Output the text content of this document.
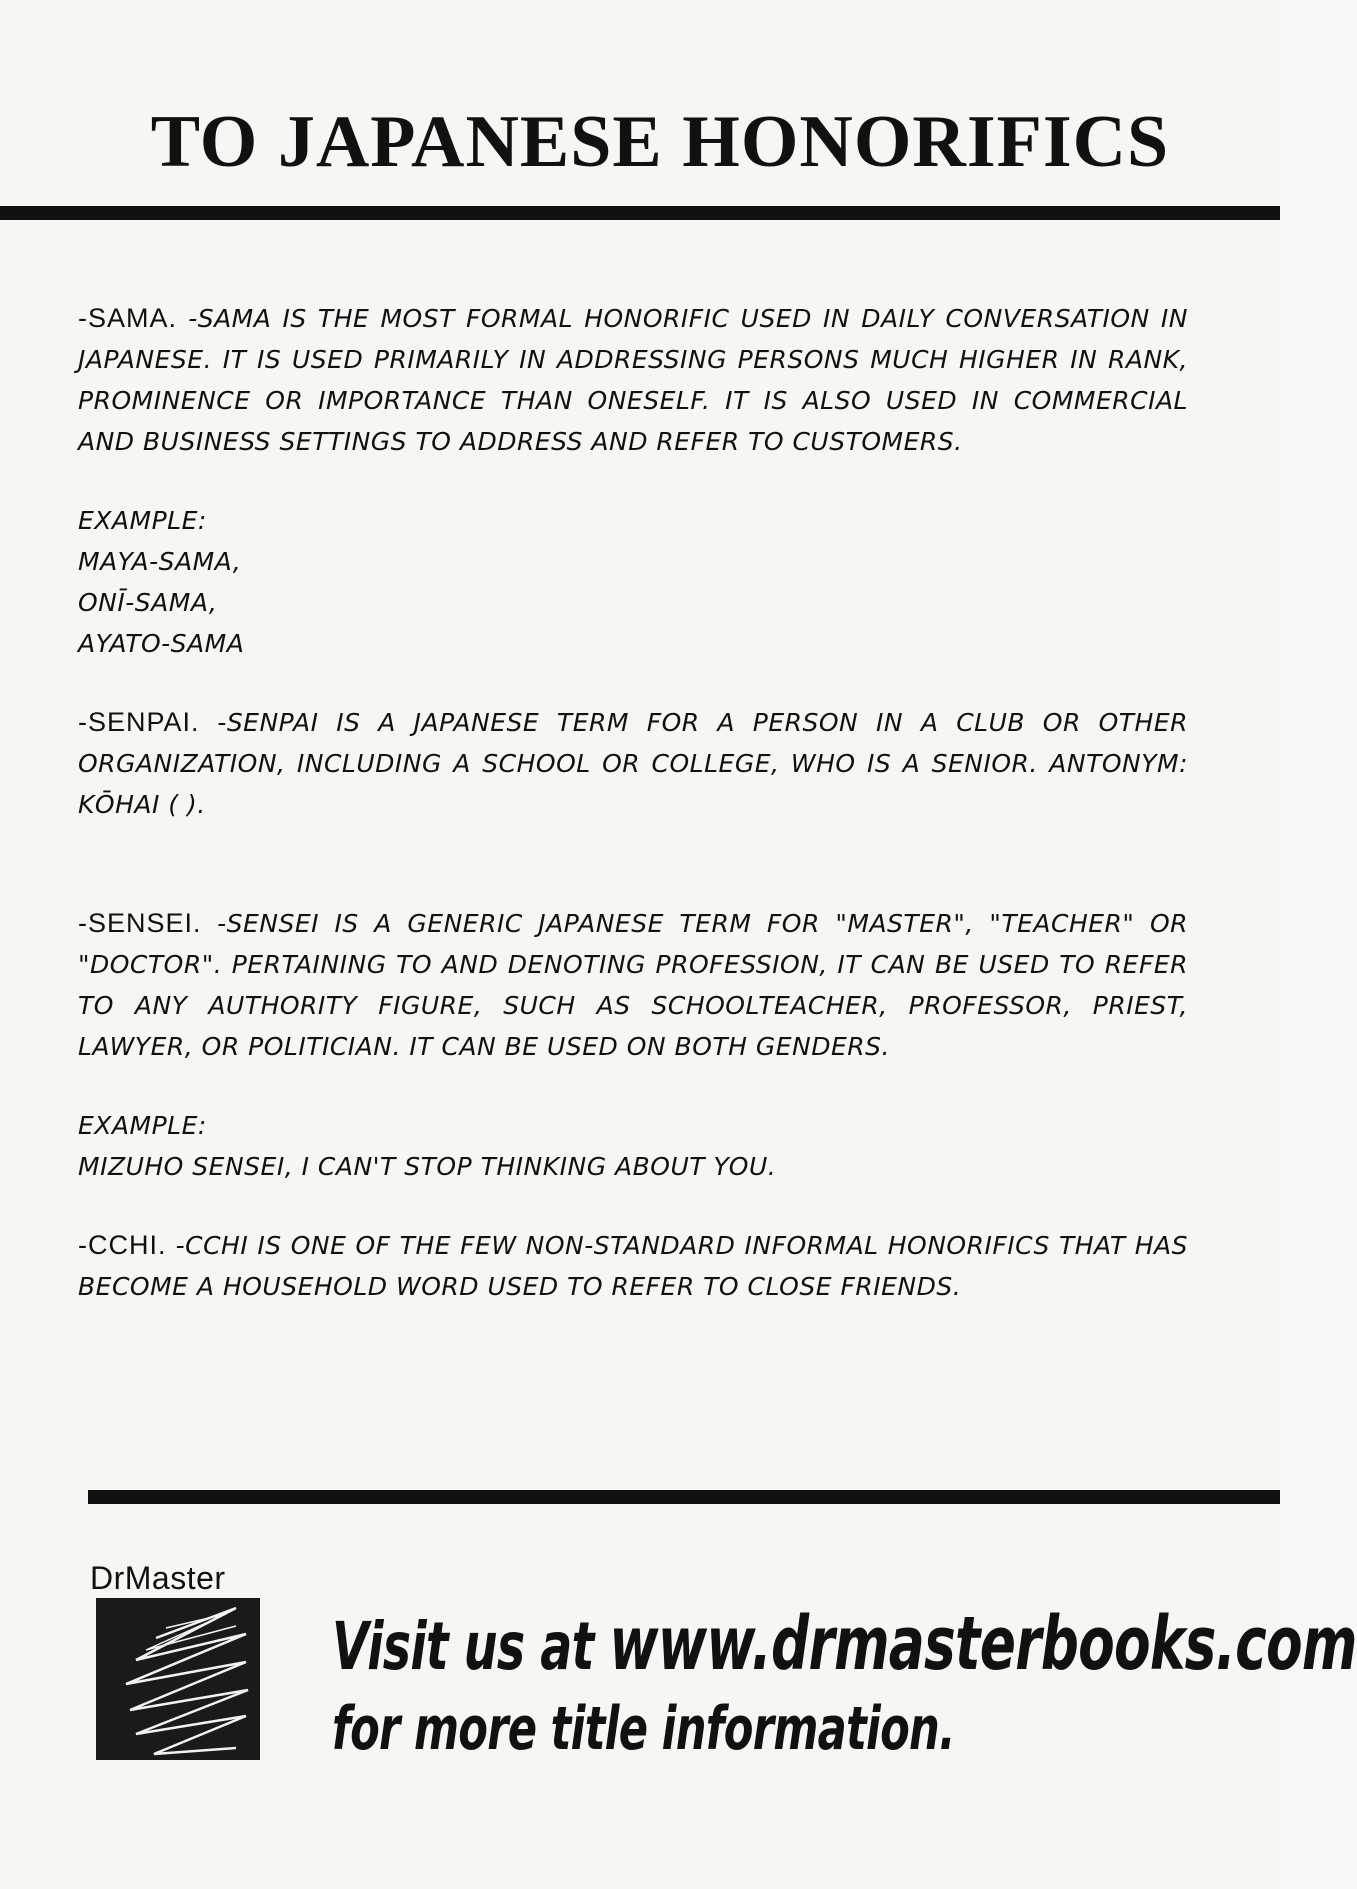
TO JAPANESE HONORIFICS

-SAMA. -SAMA IS THE MOST FORMAL HONORIFIC USED IN DAILY CONVERSATION IN JAPANESE. IT IS USED PRIMARILY IN ADDRESSING PERSONS MUCH HIGHER IN RANK, PROMINENCE OR IMPORTANCE THAN ONESELF. IT IS ALSO USED IN COMMERCIAL AND BUSINESS SETTINGS TO ADDRESS AND REFER TO CUSTOMERS.

EXAMPLE:
MAYA-SAMA,
ONĪ-SAMA,
AYATO-SAMA

-SENPAI. -SENPAI IS A JAPANESE TERM FOR A PERSON IN A CLUB OR OTHER ORGANIZATION, INCLUDING A SCHOOL OR COLLEGE, WHO IS A SENIOR. ANTONYM: KŌHAI ( ).

-SENSEI. -SENSEI IS A GENERIC JAPANESE TERM FOR "MASTER", "TEACHER" OR "DOCTOR". PERTAINING TO AND DENOTING PROFESSION, IT CAN BE USED TO REFER TO ANY AUTHORITY FIGURE, SUCH AS SCHOOLTEACHER, PROFESSOR, PRIEST, LAWYER, OR POLITICIAN. IT CAN BE USED ON BOTH GENDERS.

EXAMPLE:
MIZUHO SENSEI, I CAN'T STOP THINKING ABOUT YOU.

-CCHI. -CCHI IS ONE OF THE FEW NON-STANDARD INFORMAL HONORIFICS THAT HAS BECOME A HOUSEHOLD WORD USED TO REFER TO CLOSE FRIENDS.

DrMaster
Visit us at www.drmasterbooks.com
for more title information.
